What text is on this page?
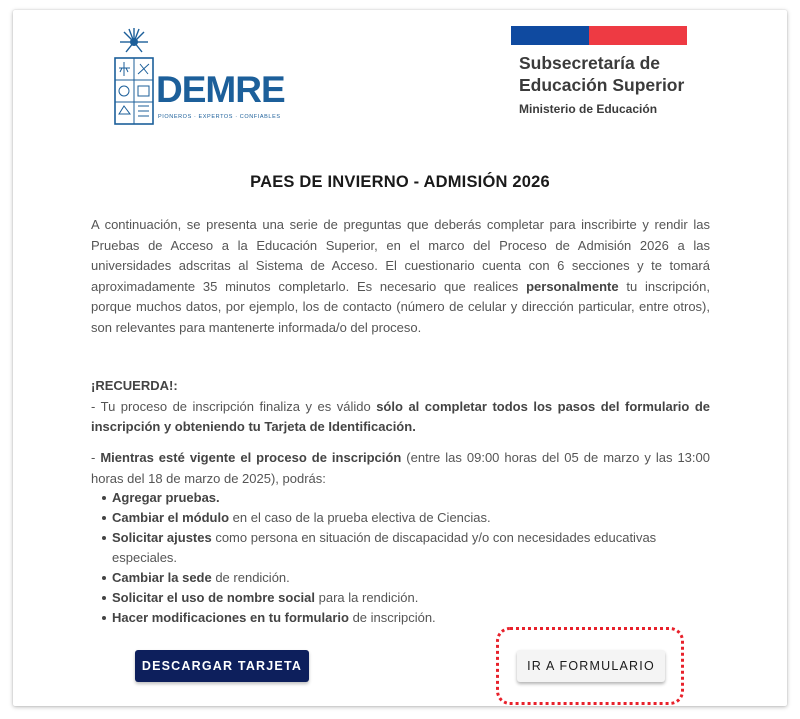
DEMRE
PIONEROS · EXPERTOS · CONFIABLES
Subsecretaría de
Educación Superior
Ministerio de Educación
PAES DE INVIERNO - ADMISIÓN 2026

A continuación, se presenta una serie de preguntas que deberás completar para inscribirte y rendir las Pruebas de Acceso a la Educación Superior, en el marco del Proceso de Admisión 2026 a las universidades adscritas al Sistema de Acceso. El cuestionario cuenta con 6 secciones y te tomará aproximadamente 35 minutos completarlo. Es necesario que realices personalmente tu inscripción, porque muchos datos, por ejemplo, los de contacto (número de celular y dirección particular, entre otros), son relevantes para mantenerte informada/o del proceso.

¡RECUERDA!:

- Tu proceso de inscripción finaliza y es válido sólo al completar todos los pasos del formulario de inscripción y obteniendo tu Tarjeta de Identificación.

- Mientras esté vigente el proceso de inscripción (entre las 09:00 horas del 05 de marzo y las 13:00 horas del 18 de marzo de 2025), podrás:

Agregar pruebas.
Cambiar el módulo en el caso de la prueba electiva de Ciencias.
Solicitar ajustes como persona en situación de discapacidad y/o con necesidades educativas especiales.
Cambiar la sede de rendición.
Solicitar el uso de nombre social para la rendición.
Hacer modificaciones en tu formulario de inscripción.
DESCARGAR TARJETA	IR A FORMULARIO
